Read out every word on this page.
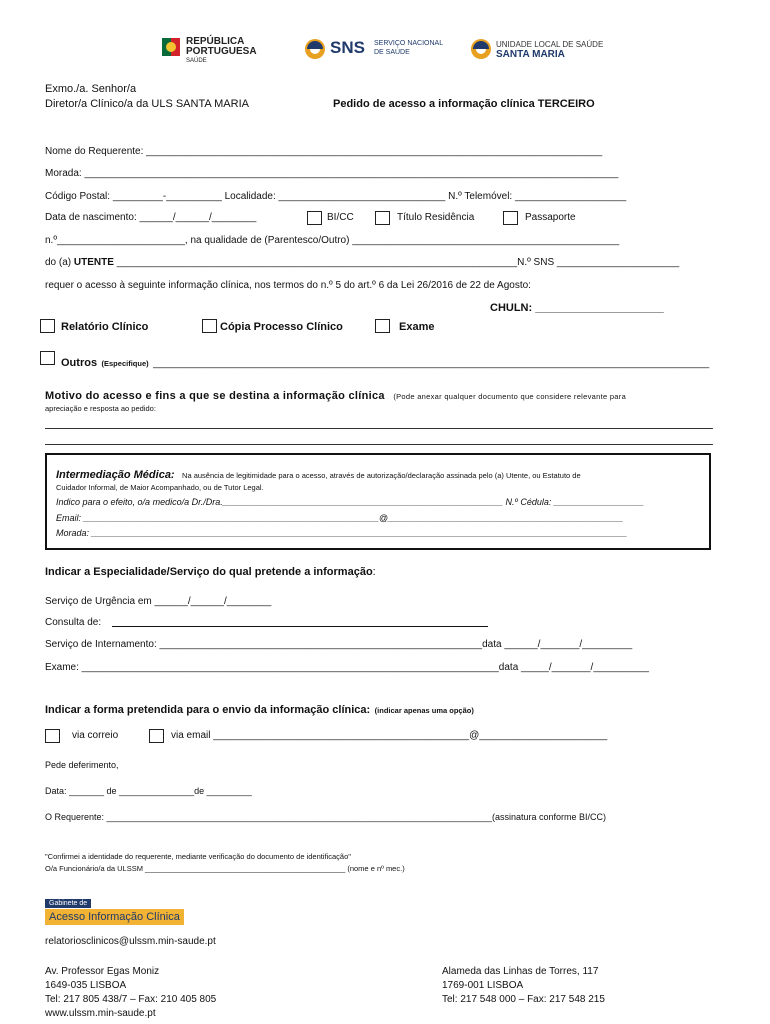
REPÚBLICA
PORTUGUESA
SAÚDE
SNS SERVIÇO NACIONAL
DE SAÚDE
UNIDADE LOCAL DE SAÚDE
SANTA MARIA
Exmo./a. Senhor/a
Diretor/a Clínico/a da ULS SANTA MARIA	Pedido de acesso a informação clínica TERCEIRO
Nome do Requerente: __________________________________________________________________________________
Morada: ________________________________________________________________________________________________
Código Postal: _________-__________ Localidade: ______________________________ N.º Telemóvel: ____________________
Data de nascimento: ______/______/________	BI/CC	Título Residência	Passaporte
n.º_______________________, na qualidade de (Parentesco/Outro) ________________________________________________
do (a) UTENTE ________________________________________________________________________N.º SNS ______________________
requer o acesso à seguinte informação clínica, nos termos do n.º 5 do art.º 6 da Lei 26/2016 de 22 de Agosto:
CHULN: _____________________
Relatório Clínico	Cópia Processo Clínico	Exame
Outros (Especifique) ____________________________________________________________________________________________________
Motivo do acesso e fins a que se destina a informação clínica (Pode anexar qualquer documento que considere relevante para
apreciação e resposta ao pedido:
Intermediação Médica: Na ausência de legitimidade para o acesso, através de autorização/declaração assinada pelo (a) Utente, ou Estatuto de
Cuidador Informal, de Maior Acompanhado, ou de Tutor Legal.
Indico para o efeito, o/a medico/a Dr./Dra.________________________________________________________ N.º Cédula: __________________
Email: ___________________________________________________________@_______________________________________________
Morada: ___________________________________________________________________________________________________________
Indicar a Especialidade/Serviço do qual pretende a informação:
Serviço de Urgência em ______/______/________
Consulta de:
Serviço de Internamento: __________________________________________________________data ______/_______/_________
Exame: ___________________________________________________________________________data _____/_______/__________
Indicar a forma pretendida para o envio da informação clínica: (indicar apenas uma opção)
via correio	via email ______________________________________________@_______________________
Pede deferimento,
Data: _______ de _______________de _________
O Requerente: _____________________________________________________________________________(assinatura conforme BI/CC)
"Confirmei a identidade do requerente, mediante verificação do documento de identificação"
O/a Funcionário/a da ULSSM ________________________________________________ (nome e nº mec.)
Gabinete de
Acesso Informação Clínica
relatoriosclinicos@ulssm.min-saude.pt
Av. Professor Egas Moniz
1649-035 LISBOA
Tel: 217 805 438/7 – Fax: 210 405 805
www.ulssm.min-saude.pt
Alameda das Linhas de Torres, 117
1769-001 LISBOA
Tel: 217 548 000 – Fax: 217 548 215
